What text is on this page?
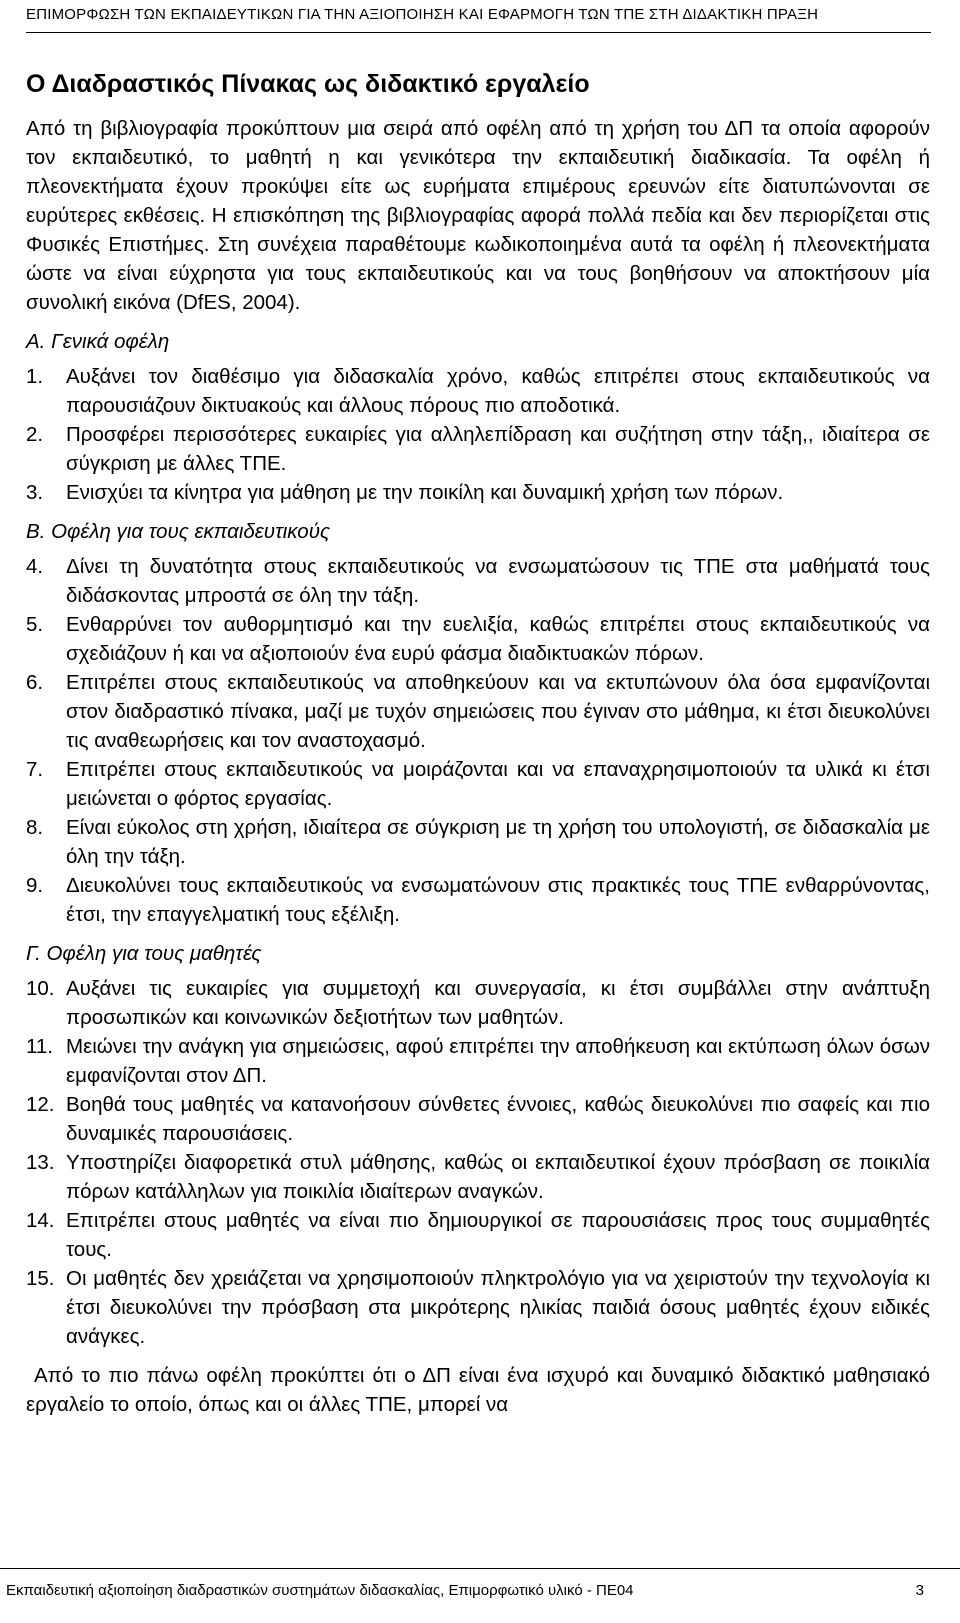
ΕΠΙΜΟΡΦΩΣΗ ΤΩΝ ΕΚΠΑΙΔΕΥΤΙΚΩΝ ΓΙΑ ΤΗΝ ΑΞΙΟΠΟΙΗΣΗ ΚΑΙ ΕΦΑΡΜΟΓΗ ΤΩΝ ΤΠΕ ΣΤΗ ΔΙΔΑΚΤΙΚΗ ΠΡΑΞΗ
Ο Διαδραστικός Πίνακας ως διδακτικό εργαλείο

Από τη βιβλιογραφία προκύπτουν μια σειρά από οφέλη από τη χρήση του ΔΠ τα οποία αφορούν τον εκπαιδευτικό, το μαθητή η και γενικότερα την εκπαιδευτική διαδικασία. Τα οφέλη ή πλεονεκτήματα έχουν προκύψει είτε ως ευρήματα επιμέρους ερευνών είτε διατυπώνονται σε ευρύτερες εκθέσεις. Η επισκόπηση της βιβλιογραφίας αφορά πολλά πεδία και δεν περιορίζεται στις Φυσικές Επιστήμες. Στη συνέχεια παραθέτουμε κωδικοποιημένα αυτά τα οφέλη ή πλεονεκτήματα ώστε να είναι εύχρηστα για τους εκπαιδευτικούς και να τους βοηθήσουν να αποκτήσουν μία συνολική εικόνα (DfES, 2004).

Α. Γενικά οφέλη
1. Αυξάνει τον διαθέσιμο για διδασκαλία χρόνο, καθώς επιτρέπει στους εκπαιδευτικούς να παρουσιάζουν δικτυακούς και άλλους πόρους πιο αποδοτικά.
2. Προσφέρει περισσότερες ευκαιρίες για αλληλεπίδραση και συζήτηση στην τάξη,, ιδιαίτερα σε σύγκριση με άλλες ΤΠΕ.
3. Ενισχύει τα κίνητρα για μάθηση με την ποικίλη και δυναμική χρήση των πόρων.
Β. Οφέλη για τους εκπαιδευτικούς
4. Δίνει τη δυνατότητα στους εκπαιδευτικούς να ενσωματώσουν τις ΤΠΕ στα μαθήματά τους διδάσκοντας μπροστά σε όλη την τάξη.
5. Ενθαρρύνει τον αυθορμητισμό και την ευελιξία, καθώς επιτρέπει στους εκπαιδευτικούς να σχεδιάζουν ή και να αξιοποιούν ένα ευρύ φάσμα διαδικτυακών πόρων.
6. Επιτρέπει στους εκπαιδευτικούς να αποθηκεύουν και να εκτυπώνουν όλα όσα εμφανίζονται στον διαδραστικό πίνακα, μαζί με τυχόν σημειώσεις που έγιναν στο μάθημα, κι έτσι διευκολύνει τις αναθεωρήσεις και τον αναστοχασμό.
7. Επιτρέπει στους εκπαιδευτικούς να μοιράζονται και να επαναχρησιμοποιούν τα υλικά κι έτσι μειώνεται ο φόρτος εργασίας.
8. Είναι εύκολος στη χρήση, ιδιαίτερα σε σύγκριση με τη χρήση του υπολογιστή, σε διδασκαλία με όλη την τάξη.
9. Διευκολύνει τους εκπαιδευτικούς να ενσωματώνουν στις πρακτικές τους ΤΠΕ ενθαρρύνοντας, έτσι, την επαγγελματική τους εξέλιξη.
Γ. Οφέλη για τους μαθητές
10. Αυξάνει τις ευκαιρίες για συμμετοχή και συνεργασία, κι έτσι συμβάλλει στην ανάπτυξη προσωπικών και κοινωνικών δεξιοτήτων των μαθητών.
11. Μειώνει την ανάγκη για σημειώσεις, αφού επιτρέπει την αποθήκευση και εκτύπωση όλων όσων εμφανίζονται στον ΔΠ.
12. Βοηθά τους μαθητές να κατανοήσουν σύνθετες έννοιες, καθώς διευκολύνει πιο σαφείς και πιο δυναμικές παρουσιάσεις.
13. Υποστηρίζει διαφορετικά στυλ μάθησης, καθώς οι εκπαιδευτικοί έχουν πρόσβαση σε ποικιλία πόρων κατάλληλων για ποικιλία ιδιαίτερων αναγκών.
14. Επιτρέπει στους μαθητές να είναι πιο δημιουργικοί σε παρουσιάσεις προς τους συμμαθητές τους.
15. Οι μαθητές δεν χρειάζεται να χρησιμοποιούν πληκτρολόγιο για να χειριστούν την τεχνολογία κι έτσι διευκολύνει την πρόσβαση στα μικρότερης ηλικίας παιδιά όσους μαθητές έχουν ειδικές ανάγκες.

Από το πιο πάνω οφέλη προκύπτει ότι ο ΔΠ είναι ένα ισχυρό και δυναμικό διδακτικό μαθησιακό εργαλείο το οποίο, όπως και οι άλλες ΤΠΕ, μπορεί να

Εκπαιδευτική αξιοποίηση διαδραστικών συστημάτων διδασκαλίας, Επιμορφωτικό υλικό - ΠΕ04	3
